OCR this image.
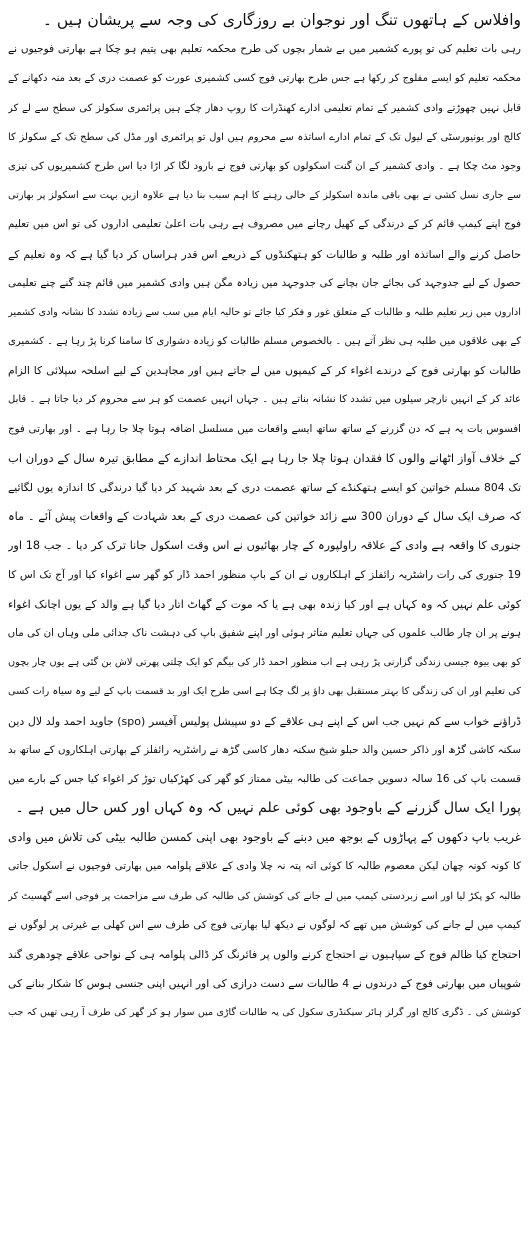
وافلاس کے ہاتھوں تنگ اور نوجوان بے روزگاری کی وجہ سے پریشان ہیں ۔

رہی بات تعلیم کی تو پورے کشمیر میں بے شمار بچوں کی طرح محکمہ تعلیم بھی یتیم ہو چکا ہے بھارتی فوجیوں نے
محکمہ تعلیم کو ایسے مفلوج کر رکھا ہے جس طرح بھارتی فوج کسی کشمیری عورت کو عصمت دری کے بعد منہ دکھانے کے
قابل نہیں چھوڑتے وادی کشمیر کے تمام تعلیمی ادارے کھنڈرات کا روپ دھار چکے ہیں پرائمری سکولز کی سطح سے لے کر
کالج اور یونیورسٹی کے لیول تک کے تمام ادارے اساتذہ سے محروم ہیں اول تو پرائمری اور مڈل کی سطح تک کے سکولز کا
وجود مٹ چکا ہے ۔ وادی کشمیر کے ان گنت اسکولوں کو بھارتی فوج نے بارود لگا کر اڑا دیا اس طرح کشمیریوں کی تیزی
سے جاری نسل کشی نے بھی باقی ماندہ اسکولز کے خالی رہنے کا اہم سبب بنا دیا ہے علاوہ ازیں بہت سے اسکولز پر بھارتی
فوج اپنے کیمپ قائم کر کے درندگی کے کھیل رچانے میں مصروف ہے رہی بات اعلیٰ تعلیمی اداروں کی تو اس میں تعلیم
حاصل کرنے والے اساتذہ اور طلبہ و طالبات کو ہتھکنڈوں کے ذریعے اس قدر ہراساں کر دیا گیا ہے کہ وہ تعلیم کے
حصول کے لیے جدوجہد کی بجائے جان بچانے کی جدوجہد میں زیادہ مگن ہیں وادی کشمیر میں قائم چند گنے چنے تعلیمی
اداروں میں زیر تعلیم طلبہ و طالبات کے متعلق غور و فکر کیا جائے تو حالیہ ایام میں سب سے زیادہ تشدد کا نشانہ وادی کشمیر
کے بھی علاقوں میں طلبہ ہی نظر آتے ہیں ۔ بالخصوص مسلم طالبات کو زیادہ دشواری کا سامنا کرنا پڑ رہا ہے ۔ کشمیری
طالبات کو بھارتی فوج کے درندے اغواء کر کے کیمپوں میں لے جاتے ہیں اور مجاہدین کے لیے اسلحہ سپلائی کا الزام
عائد کر کے انہیں نارچر سیلوں میں تشدد کا نشانہ بناتے ہیں ۔ جہاں انہیں عصمت کو ہر سے محروم کر دیا جاتا ہے ۔ قابل
افسوس بات یہ ہے کہ دن گزرنے کے ساتھ ساتھ ایسے واقعات میں مسلسل اضافہ ہوتا چلا جا رہا ہے ۔ اور بھارتی فوج
کے خلاف آواز اٹھانے والوں کا فقدان ہوتا چلا جا رہا ہے ایک محتاط اندازے کے مطابق تیرہ سال کے دوران اب
تک 804 مسلم خواتین کو ایسے ہتھکنڈے کے ساتھ عصمت دری کے بعد شہید کر دیا گیا درندگی کا اندازہ یوں لگائیے
کہ صرف ایک سال کے دوران 300 سے زائد خواتین کی عصمت دری کے بعد شہادت کے واقعات پیش آئے ۔ ماہ
جنوری کا واقعہ ہے وادی کے علاقہ راولپورہ کے چار بھائیوں نے اس وقت اسکول جانا ترک کر دیا ۔ جب 18 اور
19 جنوری کی رات راشٹریہ رائفلز کے اہلکاروں نے ان کے باپ منظور احمد ڈار کو گھر سے اغواء کیا اور آج تک اس کا
کوئی علم نہیں کہ وہ کہاں ہے اور کیا زندہ بھی ہے یا کہ موت کے گھاٹ اتار دیا گیا ہے والد کے یوں اچانک اغواء
ہونے پر ان چار طالب علموں کی جہاں تعلیم متاثر ہوئی اور اپنے شفیق باپ کی دہشت ناک جدائی ملی وہاں ان کی ماں
کو بھی بیوہ جیسی زندگی گزارنی پڑ رہی ہے اب منظور احمد ڈار کی بیگم کو ایک چلتی پھرتی لاش بن گئی ہے یوں چار بچوں
کی تعلیم اور ان کی زندگی کا بہتر مستقبل بھی داؤ پر لگ چکا ہے اسی طرح ایک اور بد قسمت باپ کے لیے وہ سیاہ رات کسی
ڈراؤنے خواب سے کم نہیں جب اس کے اپنے ہی علاقے کے دو سپیشل پولیس آفیسر (spo) جاوید احمد ولد لال دین
سکنہ کاشی گڑھ اور ذاکر حسین والد حبلو شیخ سکنہ دھار کاسی گڑھ نے راشٹریہ رائفلز کے بھارتی اہلکاروں کے ساتھ بد
قسمت باپ کی 16 سالہ دسویں جماعت کی طالبہ بیٹی ممتاز کو گھر کی کھڑکیاں توڑ کر اغواء کیا جس کے بارے میں
پورا ایک سال گزرنے کے باوجود بھی کوئی علم نہیں کہ وہ کہاں اور کس حال میں ہے ۔

غریب باپ دکھوں کے پہاڑوں کے بوجھ میں دبنے کے باوجود بھی اپنی کمسن طالبہ بیٹی کی تلاش میں وادی
کا کونہ کونہ چھان لیکن معصوم طالبہ کا کوئی اتہ پتہ نہ چلا وادی کے علاقے پلوامہ میں بھارتی فوجیوں نے اسکول جاتی
طالبہ کو پکڑ لیا اور اسے زبردستی کیمپ میں لے جانے کی کوشش کی طالبہ کی طرف سے مزاحمت پر فوجی اسے گھسیٹ کر
کیمپ میں لے جانے کی کوشش میں تھے کہ لوگوں نے دیکھ لیا بھارتی فوج کی طرف سے اس کھلی بے غیرتی پر لوگوں نے
احتجاج کیا ظالم فوج کے سپاہیوں نے احتجاج کرنے والوں پر فائرنگ کر ڈالی پلوامہ ہی کے نواحی علاقے چودھری گند
شوپیاں میں بھارتی فوج کے درندوں نے 4 طالبات سے دست درازی کی اور انہیں اپنی جنسی ہوس کا شکار بنانے کی
کوشش کی ۔ ڈگری کالج اور گرلز ہائر سیکنڈری سکول کی یہ طالبات گاڑی میں سوار ہو کر گھر کی طرف آ رہی تھیں کہ جب
